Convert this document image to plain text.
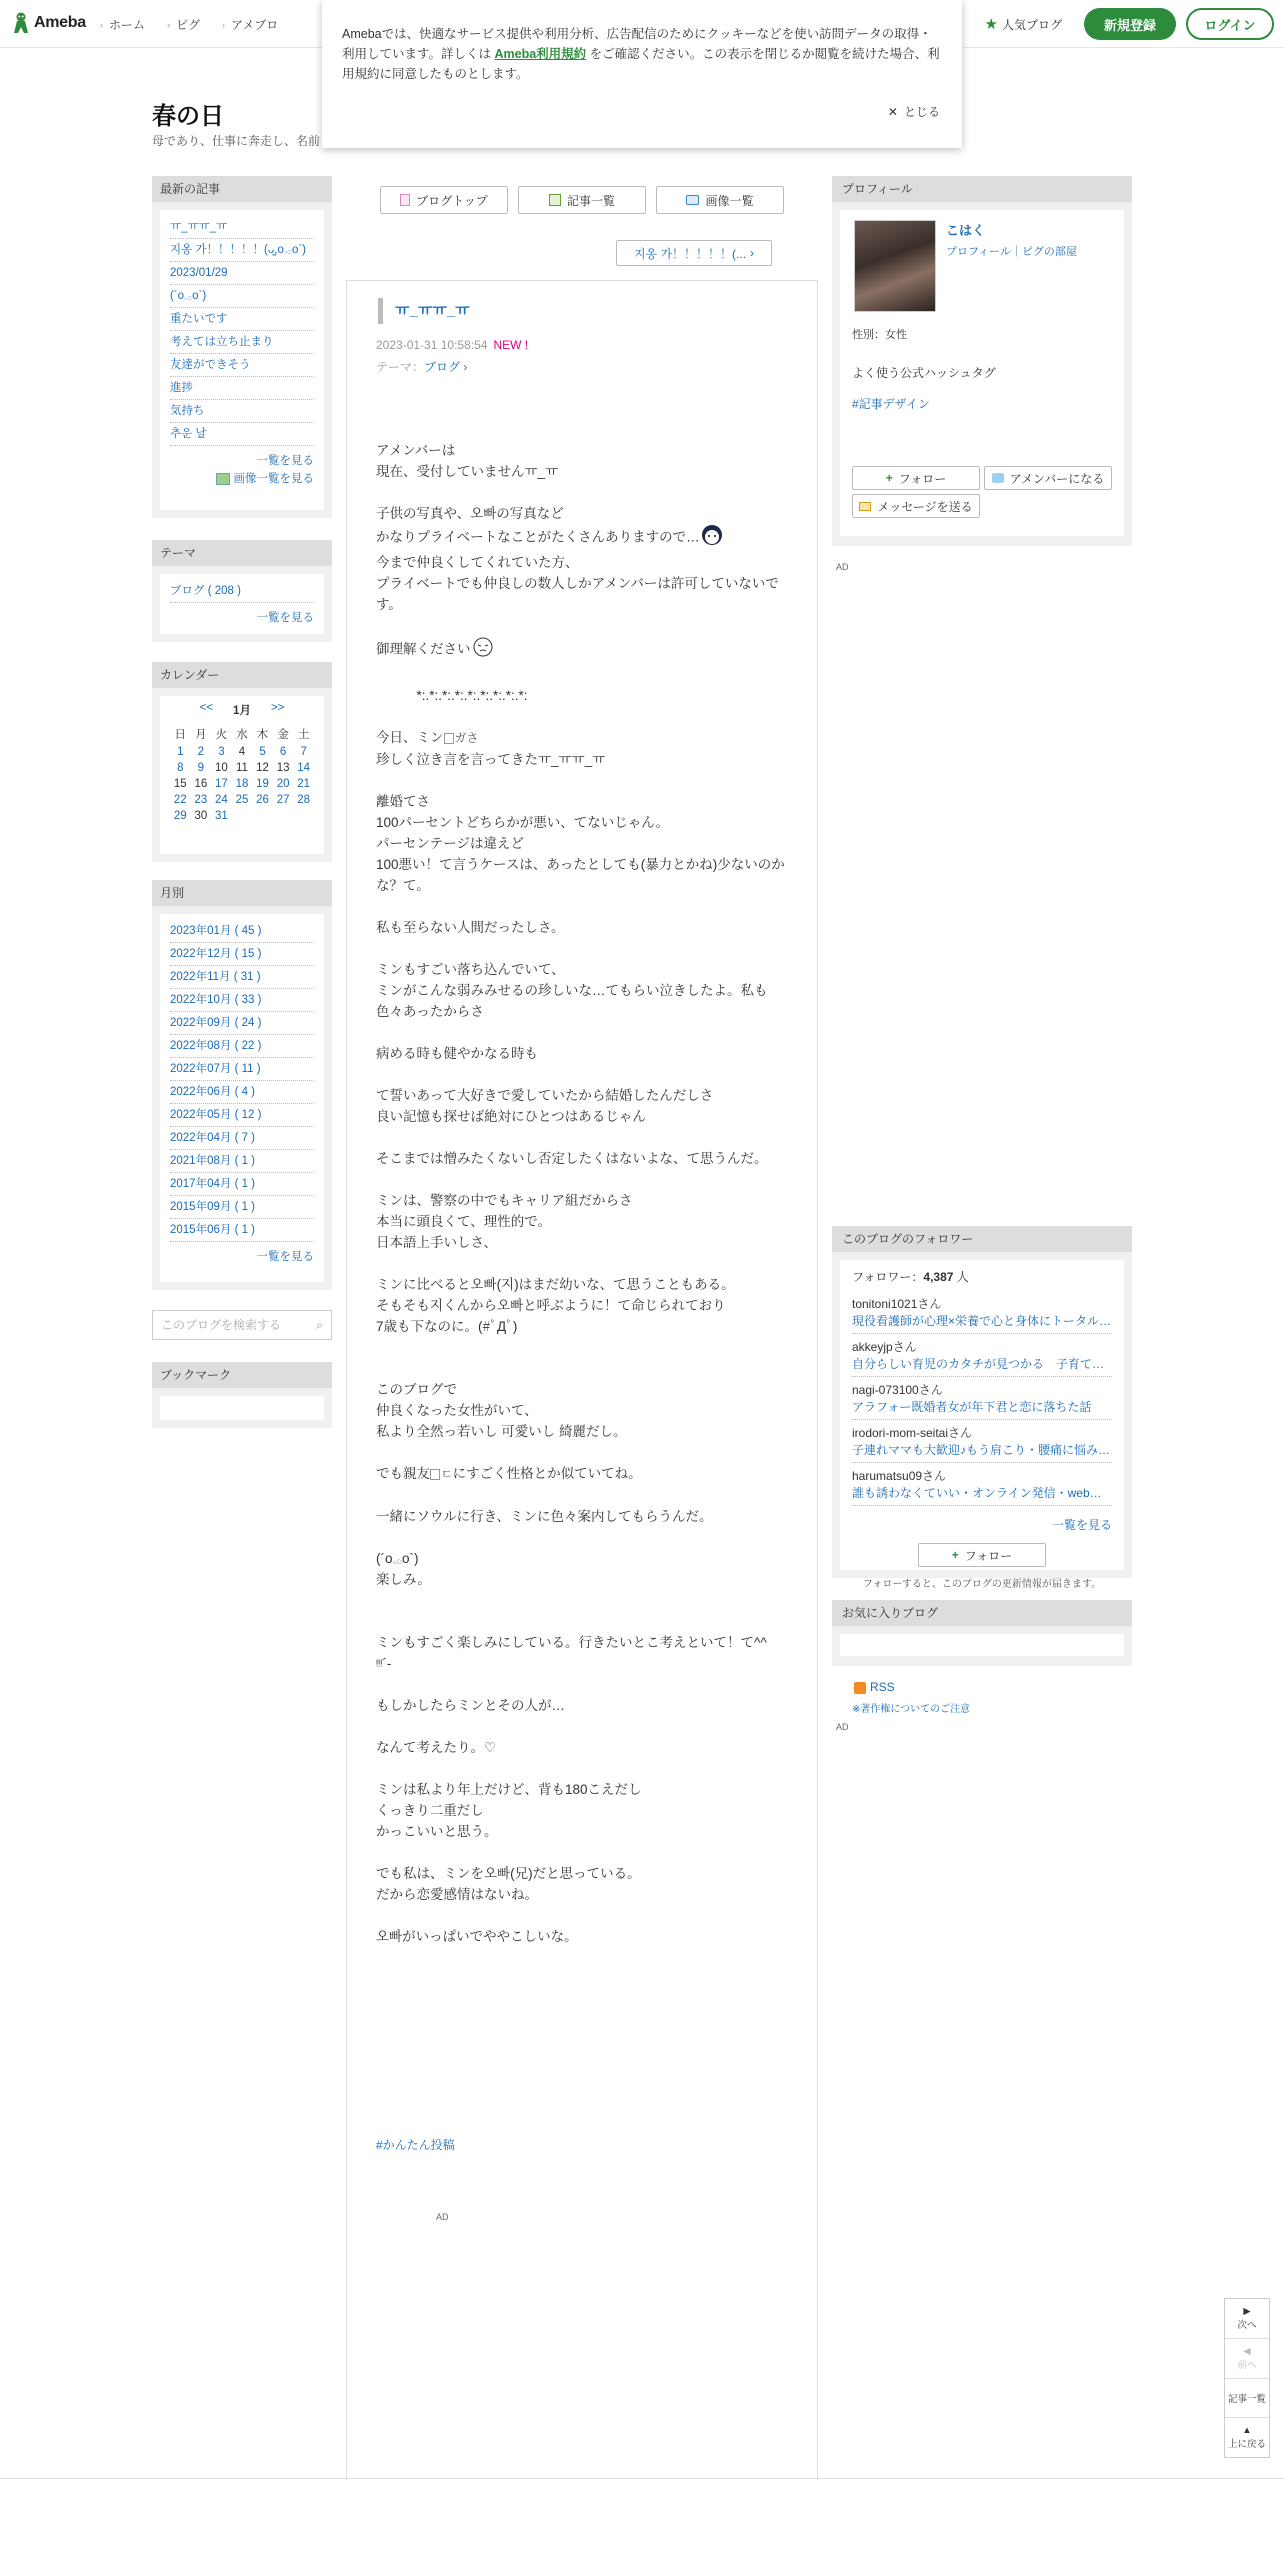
Ameba › ホーム › ピグ › アメブロ	★ 人気ブログ	新規登録	ログイン
Amebaでは、快適なサービス提供や利用分析、広告配信のためにクッキーなどを使い訪問データの取得・利用しています。詳しくは Ameba利用規約 をご確認ください。この表示を閉じるか閲覧を続けた場合、利用規約に同意したものとします。
✕ とじる
春の日
母であり、仕事に奔走し、名前
最新の記事
ㅠ_ㅠㅠ_ㅠ
지옹 가！！！！！(ᴗ̤̮,o𓈒𓂂o`)
2023/01/29
(´o𓈒𓂂o`)
重たいです
考えては立ち止まり
友達ができそう
進捗
気持ち
추운 날
一覧を見る
画像一覧を見る
テーマ
ブログ ( 208 )
一覧を見る
カレンダー
<< 1月 >>
日	月	火	水	木	金	土
1	2	3	4	5	6	7
8	9	10	11	12	13	14
15	16	17	18	19	20	21
22	23	24	25	26	27	28
29	30	31				
月別
2023年01月 ( 45 )
2022年12月 ( 15 )
2022年11月 ( 31 )
2022年10月 ( 33 )
2022年09月 ( 24 )
2022年08月 ( 22 )
2022年07月 ( 11 )
2022年06月 ( 4 )
2022年05月 ( 12 )
2022年04月 ( 7 )
2021年08月 ( 1 )
2017年04月 ( 1 )
2015年09月 ( 1 )
2015年06月 ( 1 )
一覧を見る
このブログを検索する	⌕
ブックマーク
ブログトップ	記事一覧	画像一覧
지옹 가！！！！！(... ›
ㅠ_ㅠㅠ_ㅠ
2023-01-31 10:58:54 NEW !
テーマ：ブログ ›

アメンバーは
現在、受付していませんㅠ_ㅠ

子供の写真や、오빠の写真など
かなりプライベートなことがたくさんありますので…
今まで仲良くしてくれていた方、
プライベートでも仲良しの数人しかアメンバーは許可していないです。

御理解ください

　　　*:.*:.*:.*:.*:.*:.*:.*:.*:

今日、ミン ガさ
珍しく泣き言を言ってきたㅠ_ㅠㅠ_ㅠ

離婚てさ
100パーセントどちらかが悪い、てないじゃん。
パーセンテージは違えど
100悪い！て言うケースは、あったとしても(暴力とかね)少ないのかな？て。

私も至らない人間だったしさ。

ミンもすごい落ち込んでいて、
ミンがこんな弱みみせるの珍しいな…てもらい泣きしたよ。私も色々あったからさ

病める時も健やかなる時も

て誓いあって大好きで愛していたから結婚したんだしさ
良い記憶も探せば絶対にひとつはあるじゃん

そこまでは憎みたくないし否定したくはないよな、て思うんだ。

ミンは、警察の中でもキャリア組だからさ
本当に頭良くて、理性的で。
日本語上手いしさ、

ミンに比べると오빠(지)はまだ幼いな、て思うこともある。
そもそも지くんから오빠と呼ぶように！て命じられており
7歳も下なのに。(#ﾟДﾟ)

このブログで
仲良くなった女性がいて、
私より全然っ若いし 可愛いし 綺麗だし。

でも親友 ㄷにすごく性格とか似ていてね。

一緒にソウルに行き、ミンに色々案内してもらうんだ。

(´o𓈒𓂂o`)
楽しみ。

ミンもすごく楽しみにしている。行きたいとこ考えといて！て^^
ᵎᵎᵎ´-

もしかしたらミンとその人が…

なんて考えたり。♡

ミンは私より年上だけど、背も180こえだし
くっきり二重だし
かっこいいと思う。

でも私は、ミンを오빠(兄)だと思っている。
だから恋愛感情はないね。

오빠がいっぱいでややこしいな。

#かんたん投稿
AD
プロフィール
こはく
プロフィール｜ピグの部屋
性別：女性
よく使う公式ハッシュタグ
#記事デザイン
+ フォロー	アメンバーになる
メッセージを送る
AD
このブログのフォロワー
フォロワー：4,387 人
tonitoni1021さん
現役看護師が心理×栄養で心と身体にトータル…
akkeyjpさん
自分らしい育児のカタチが見つかる　子育て…
nagi-073100さん
アラフォー既婚者女が年下君と恋に落ちた話
irodori-mom-seitaiさん
子連れママも大歓迎♪もう肩こり・腰痛に悩み…
harumatsu09さん
誰も誘わなくていい・オンライン発信・web…
一覧を見る
+ フォロー
フォローすると、このブログの更新情報が届きます。
お気に入りブログ
RSS
※著作権についてのご注意
AD
▶
次へ
◀
前へ
記事一覧
▲
上に戻る
